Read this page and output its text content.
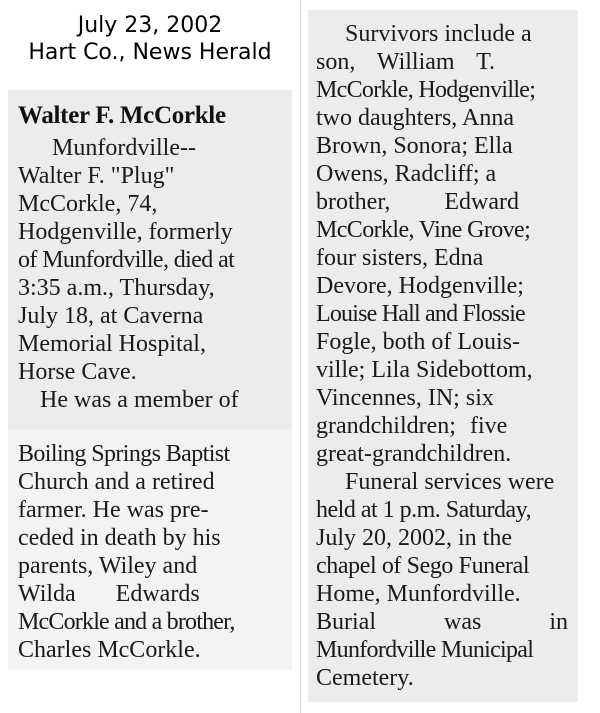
July 23, 2002
Hart Co., News Herald
Walter F. McCorkle
Munfordville--
Walter F. "Plug"
McCorkle, 74,
Hodgenville, formerly
of Munfordville, died at
3:35 a.m., Thursday,
July 18, at Caverna
Memorial Hospital,
Horse Cave.
He was a member of
Boiling Springs Baptist
Church and a retired
farmer. He was pre-
ceded in death by his
parents, Wiley and
Wilda Edwards
McCorkle and a brother,
Charles McCorkle.
Survivors include a
son, William T.
McCorkle, Hodgenville;
two daughters, Anna
Brown, Sonora; Ella
Owens, Radcliff; a
brother, Edward
McCorkle, Vine Grove;
four sisters, Edna
Devore, Hodgenville;
Louise Hall and Flossie
Fogle, both of Louis-
ville; Lila Sidebottom,
Vincennes, IN; six
grandchildren; five
great-grandchildren.
Funeral services were
held at 1 p.m. Saturday,
July 20, 2002, in the
chapel of Sego Funeral
Home, Munfordville.
Burial was in
Munfordville Municipal
Cemetery.
